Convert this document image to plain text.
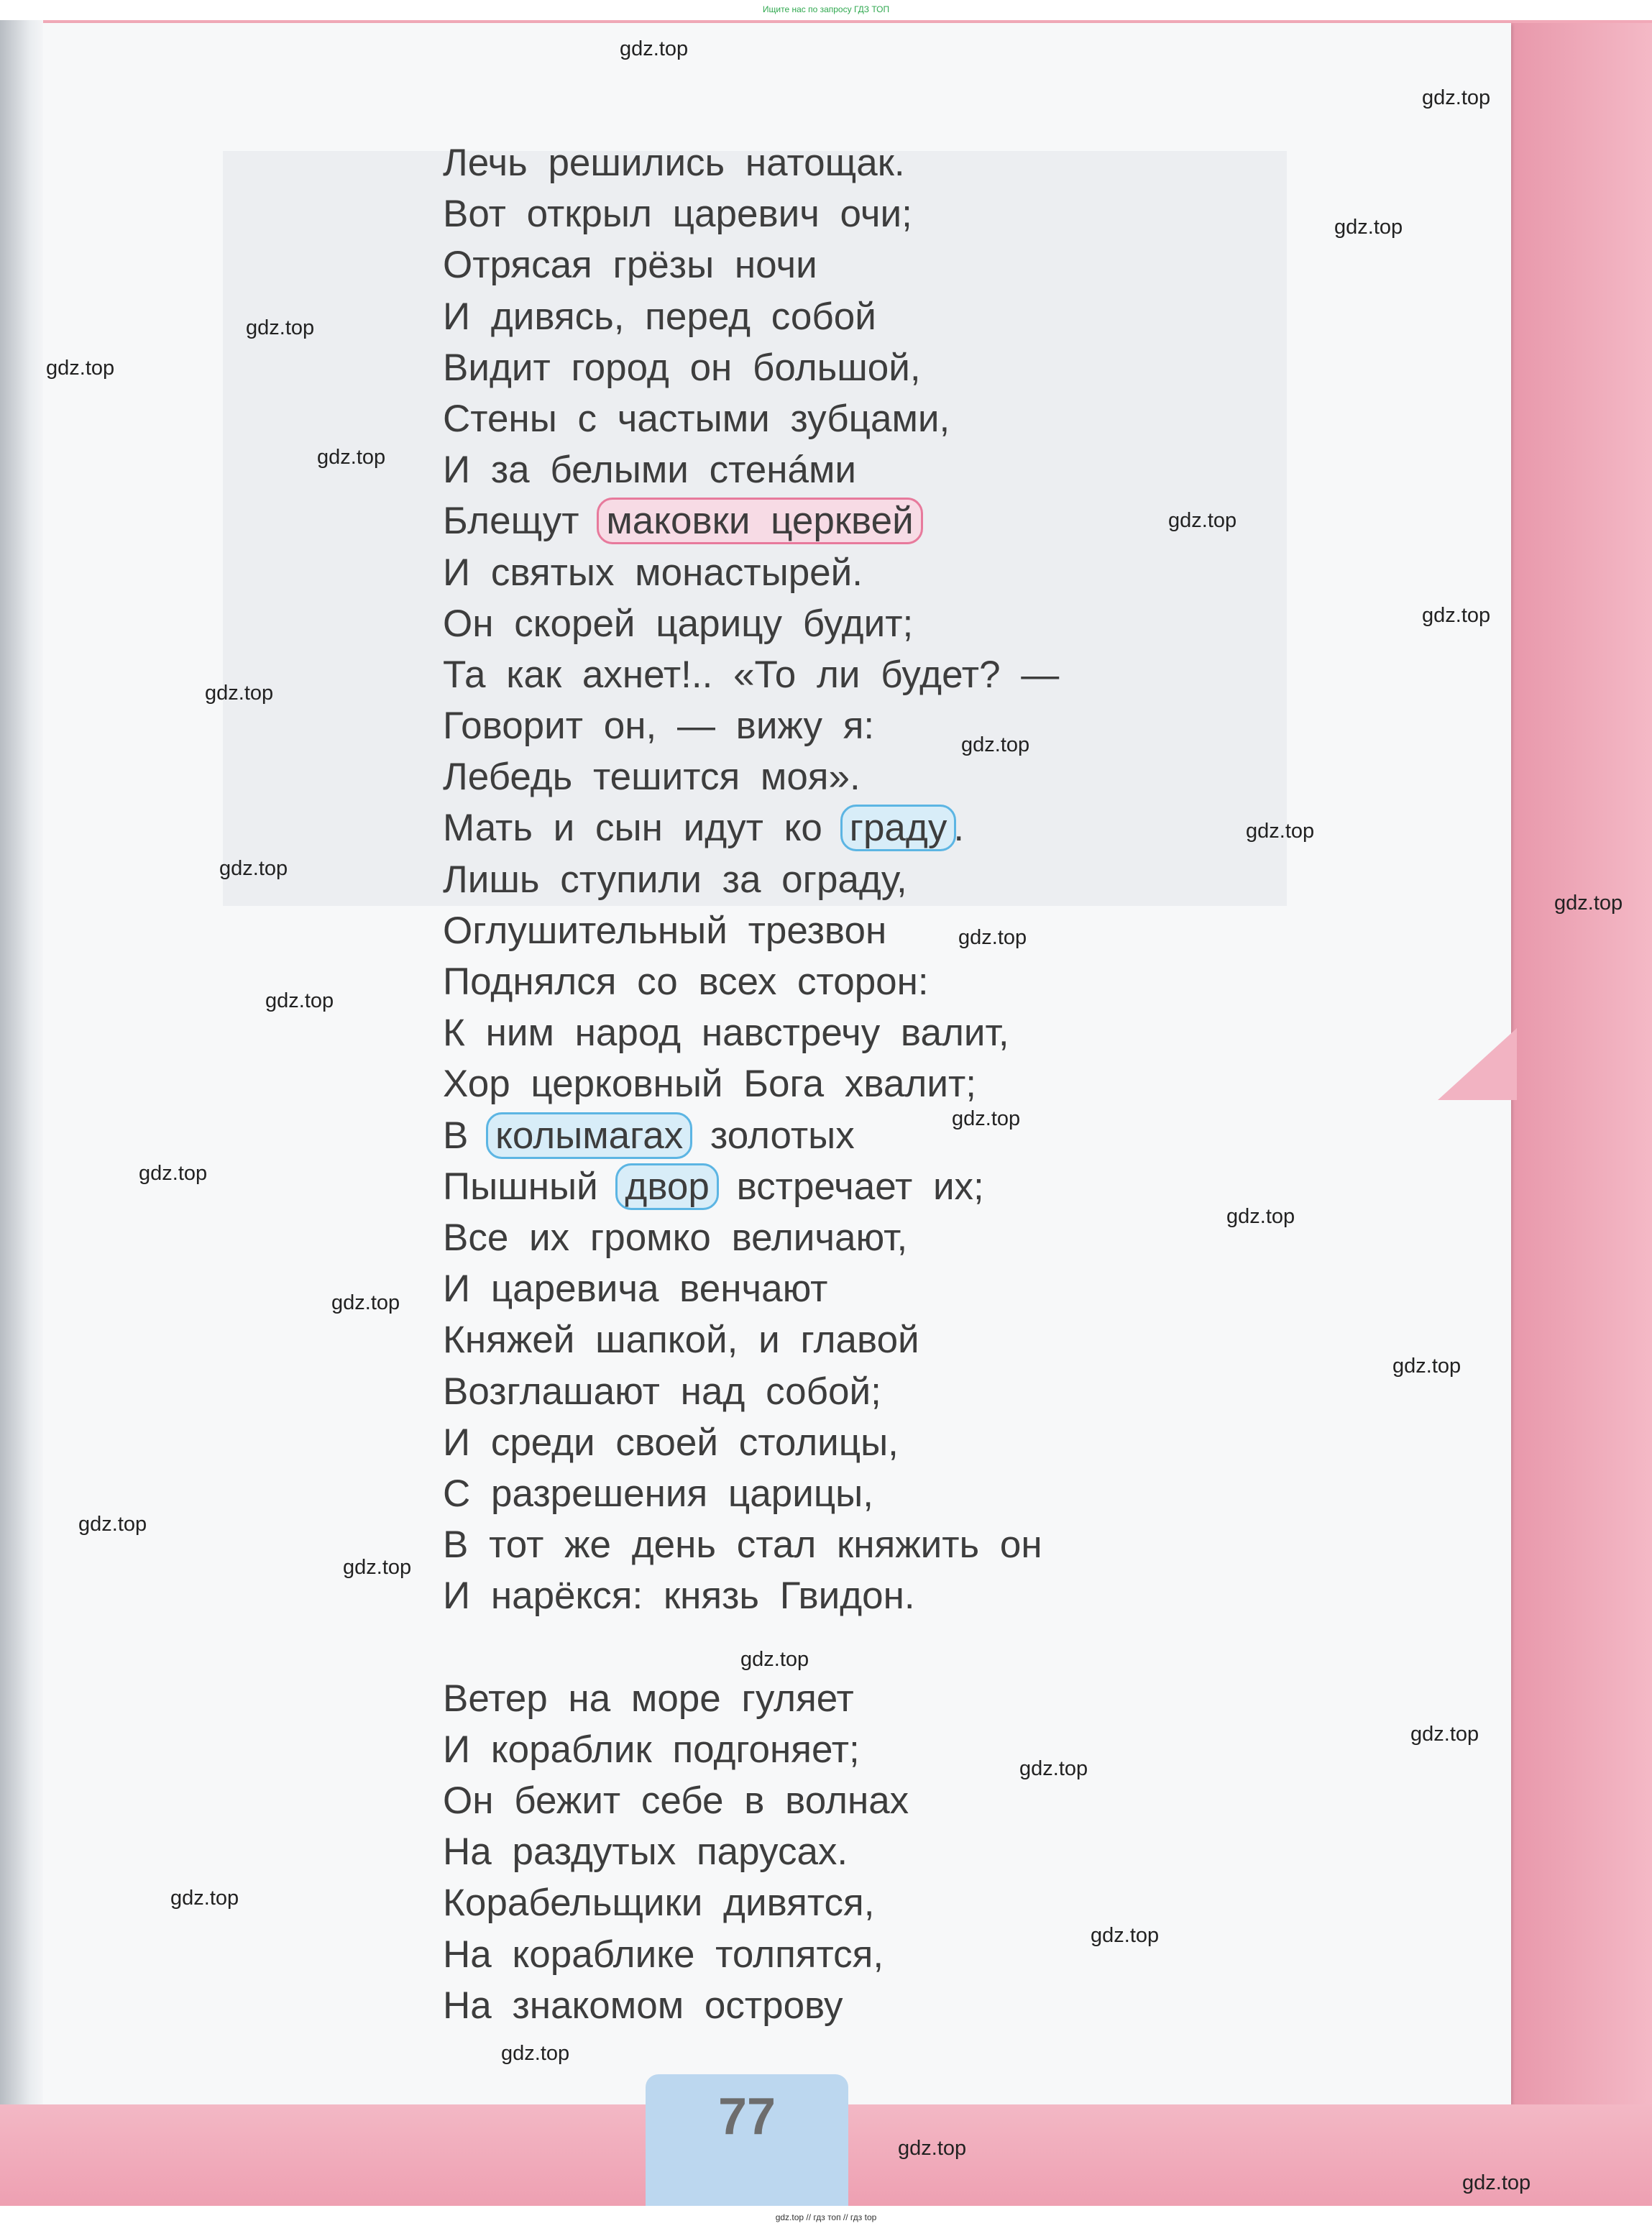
Ищите нас по запросу ГДЗ ТОП
Лечь решились натощак.
Вот открыл царевич очи;
Отрясая грёзы ночи
И дивясь, перед собой
Видит город он большой,
Стены с частыми зубцами,
И за белыми стенáми
Блещут маковки церквей
И святых монастырей.
Он скорей царицу будит;
Та как ахнет!.. «То ли будет? —
Говорит он, — вижу я:
Лебедь тешится моя».
Мать и сын идут ко граду .
Лишь ступили за ограду,
Оглушительный трезвон
Поднялся со всех сторон:
К ним народ навстречу валит,
Хор церковный Бога хвалит;
В колымагах золотых
Пышный двор встречает их;
Все их громко величают,
И царевича венчают
Княжей шапкой, и главой
Возглашают над собой;
И среди своей столицы,
С разрешения царицы,
В тот же день стал княжить он
И нарёкся: князь Гвидон.
Ветер на море гуляет
И кораблик подгоняет;
Он бежит себе в волнах
На раздутых парусах.
Корабельщики дивятся,
На кораблике толпятся,
На знакомом острову
77
gdz.top
gdz.top
gdz.top
gdz.top
gdz.top
gdz.top
gdz.top
gdz.top
gdz.top
gdz.top
gdz.top
gdz.top
gdz.top
gdz.top
gdz.top
gdz.top
gdz.top
gdz.top
gdz.top
gdz.top
gdz.top
gdz.top
gdz.top
gdz.top
gdz.top
gdz.top
gdz.top
gdz.top
gdz.top
gdz.top
gdz.top // гдз топ // гдз top
